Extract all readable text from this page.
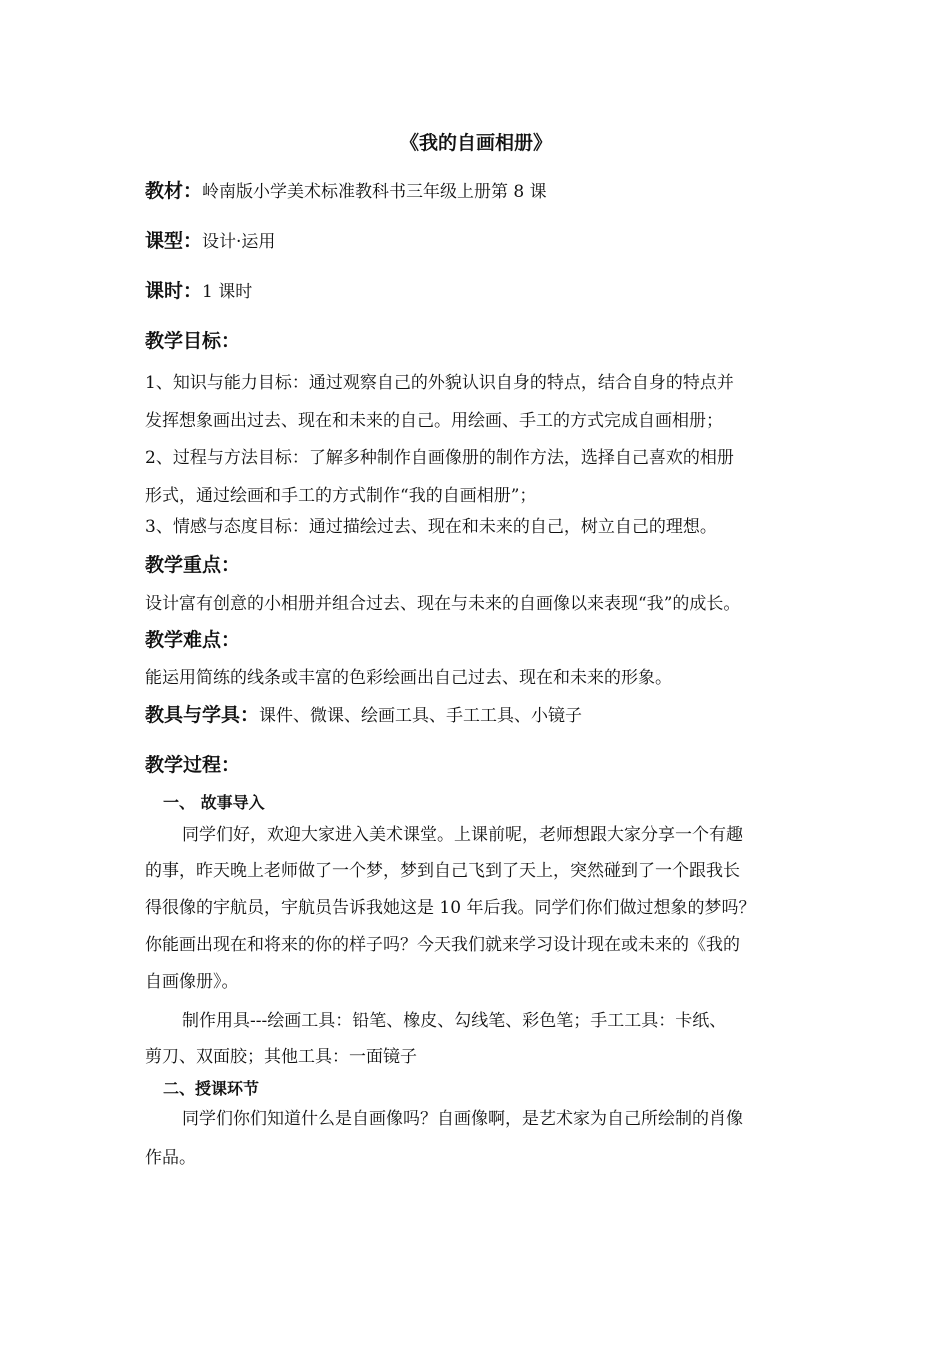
《我的自画相册》
教材：岭南版小学美术标准教科书三年级上册第 8 课
课型：设计·运用
课时：1 课时
教学目标：
1、知识与能力目标：通过观察自己的外貌认识自身的特点，结合自身的特点并
发挥想象画出过去、现在和未来的自己。用绘画、手工的方式完成自画相册；
2、过程与方法目标：了解多种制作自画像册的制作方法，选择自己喜欢的相册
形式，通过绘画和手工的方式制作“我的自画相册”；
3、情感与态度目标：通过描绘过去、现在和未来的自己，树立自己的理想。
教学重点：
设计富有创意的小相册并组合过去、现在与未来的自画像以来表现“我”的成长。
教学难点：
能运用简练的线条或丰富的色彩绘画出自己过去、现在和未来的形象。
教具与学具：课件、微课、绘画工具、手工工具、小镜子
教学过程：
一、 故事导入
同学们好，欢迎大家进入美术课堂。上课前呢，老师想跟大家分享一个有趣
的事，昨天晚上老师做了一个梦，梦到自己飞到了天上，突然碰到了一个跟我长
得很像的宇航员，宇航员告诉我她这是 10 年后我。同学们你们做过想象的梦吗？
你能画出现在和将来的你的样子吗？今天我们就来学习设计现在或未来的《我的
自画像册》。
制作用具---绘画工具：铅笔、橡皮、勾线笔、彩色笔；手工工具：卡纸、
剪刀、双面胶；其他工具：一面镜子
二、授课环节
同学们你们知道什么是自画像吗？自画像啊，是艺术家为自己所绘制的肖像
作品。
